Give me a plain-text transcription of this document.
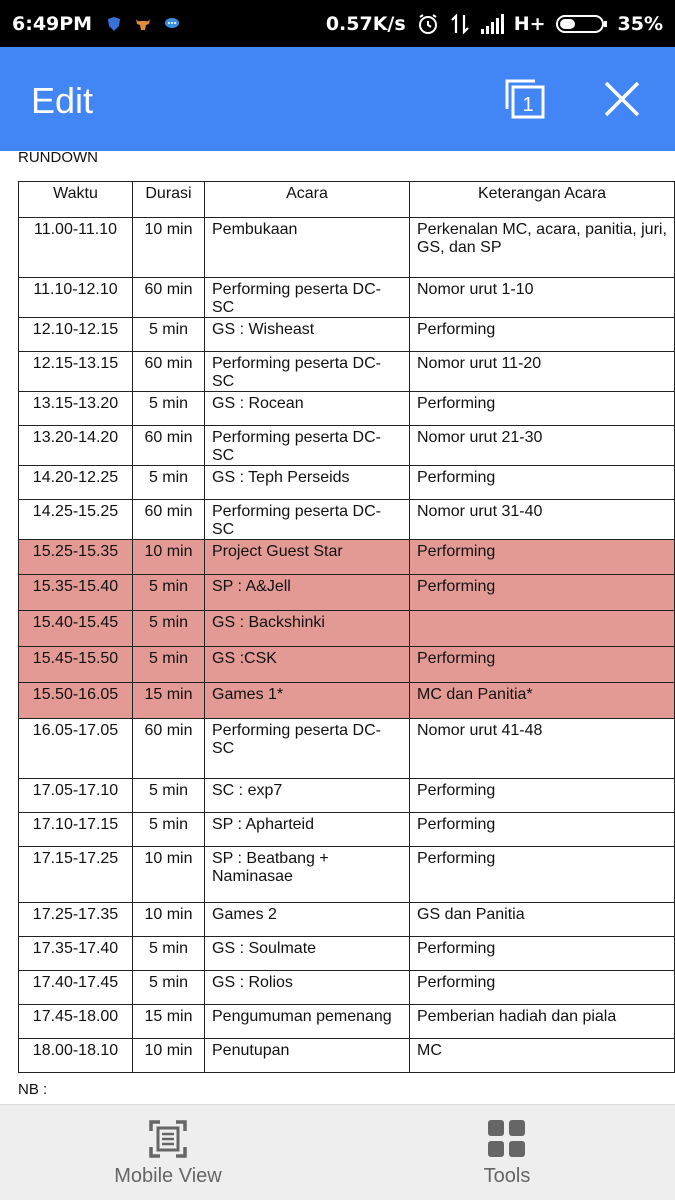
6:49PM	0.57K/s	H+	35%
Edit	1
RUNDOWN
Waktu	Durasi	Acara	Keterangan Acara
11.00-11.10	10 min	Pembukaan	Perkenalan MC, acara, panitia, juri, GS, dan SP
11.10-12.10	60 min	Performing peserta DC-SC	Nomor urut 1-10
12.10-12.15	5 min	GS : Wisheast	Performing
12.15-13.15	60 min	Performing peserta DC-SC	Nomor urut 11-20
13.15-13.20	5 min	GS : Rocean	Performing
13.20-14.20	60 min	Performing peserta DC-SC	Nomor urut 21-30
14.20-12.25	5 min	GS : Teph Perseids	Performing
14.25-15.25	60 min	Performing peserta DC-SC	Nomor urut 31-40
15.25-15.35	10 min	Project Guest Star	Performing
15.35-15.40	5 min	SP : A&Jell	Performing
15.40-15.45	5 min	GS : Backshinki	
15.45-15.50	5 min	GS :CSK	Performing
15.50-16.05	15 min	Games 1*	MC dan Panitia*
16.05-17.05	60 min	Performing peserta DC-SC	Nomor urut 41-48
17.05-17.10	5 min	SC : exp7	Performing
17.10-17.15	5 min	SP : Apharteid	Performing
17.15-17.25	10 min	SP : Beatbang + Naminasae	Performing
17.25-17.35	10 min	Games 2	GS dan Panitia
17.35-17.40	5 min	GS : Soulmate	Performing
17.40-17.45	5 min	GS : Rolios	Performing
17.45-18.00	15 min	Pengumuman pemenang	Pemberian hadiah dan piala
18.00-18.10	10 min	Penutupan	MC
NB :
Mobile View	Tools
